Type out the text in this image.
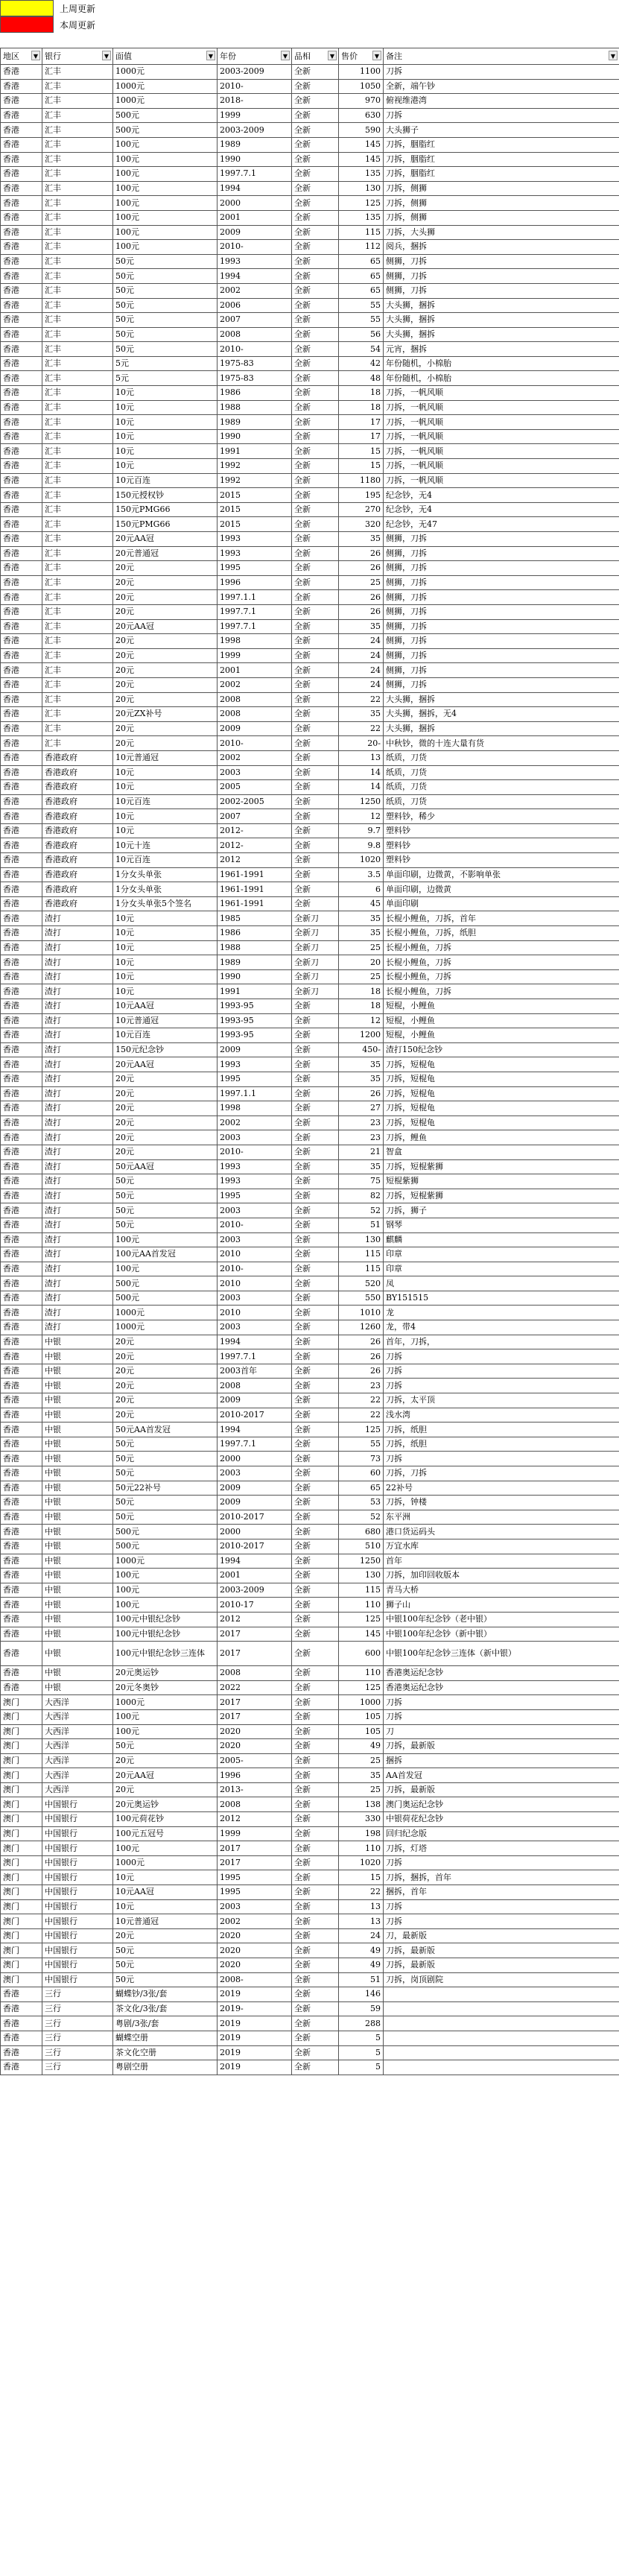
上周更新
本周更新
地区 ▼	银行 ▼	面值 ▼	年份 ▼	品相 ▼	售价 ▼	备注 ▼

香港	汇丰	1000元	2003-2009	全新	1100	刀拆
香港	汇丰	1000元	2010-	全新	1050	全新，端午钞
香港	汇丰	1000元	2018-	全新	970	俯视维港湾
香港	汇丰	500元	1999	全新	630	刀拆
香港	汇丰	500元	2003-2009	全新	590	大头狮子
香港	汇丰	100元	1989	全新	145	刀拆，胭脂红
香港	汇丰	100元	1990	全新	145	刀拆，胭脂红
香港	汇丰	100元	1997.7.1	全新	135	刀拆，胭脂红
香港	汇丰	100元	1994	全新	130	刀拆，侧狮
香港	汇丰	100元	2000	全新	125	刀拆，侧狮
香港	汇丰	100元	2001	全新	135	刀拆，侧狮
香港	汇丰	100元	2009	全新	115	刀拆，大头狮
香港	汇丰	100元	2010-	全新	112	阅兵，捆拆
香港	汇丰	50元	1993	全新	65	侧狮，刀拆
香港	汇丰	50元	1994	全新	65	侧狮，刀拆
香港	汇丰	50元	2002	全新	65	侧狮，刀拆
香港	汇丰	50元	2006	全新	55	大头狮，捆拆
香港	汇丰	50元	2007	全新	55	大头狮，捆拆
香港	汇丰	50元	2008	全新	56	大头狮，捆拆
香港	汇丰	50元	2010-	全新	54	元宵，捆拆
香港	汇丰	5元	1975-83	全新	42	年份随机，小棉胎
香港	汇丰	5元	1975-83	全新	48	年份随机，小棉胎
香港	汇丰	10元	1986	全新	18	刀拆，一帆风顺
香港	汇丰	10元	1988	全新	18	刀拆，一帆风顺
香港	汇丰	10元	1989	全新	17	刀拆，一帆风顺
香港	汇丰	10元	1990	全新	17	刀拆，一帆风顺
香港	汇丰	10元	1991	全新	15	刀拆，一帆风顺
香港	汇丰	10元	1992	全新	15	刀拆，一帆风顺
香港	汇丰	10元百连	1992	全新	1180	刀拆，一帆风顺
香港	汇丰	150元授权钞	2015	全新	195	纪念钞，无4
香港	汇丰	150元PMG66	2015	全新	270	纪念钞，无4
香港	汇丰	150元PMG66	2015	全新	320	纪念钞，无47
香港	汇丰	20元AA冠	1993	全新	35	侧狮，刀拆
香港	汇丰	20元普通冠	1993	全新	26	侧狮，刀拆
香港	汇丰	20元	1995	全新	26	侧狮，刀拆
香港	汇丰	20元	1996	全新	25	侧狮，刀拆
香港	汇丰	20元	1997.1.1	全新	26	侧狮，刀拆
香港	汇丰	20元	1997.7.1	全新	26	侧狮，刀拆
香港	汇丰	20元AA冠	1997.7.1	全新	35	侧狮，刀拆
香港	汇丰	20元	1998	全新	24	侧狮，刀拆
香港	汇丰	20元	1999	全新	24	侧狮，刀拆
香港	汇丰	20元	2001	全新	24	侧狮，刀拆
香港	汇丰	20元	2002	全新	24	侧狮，刀拆
香港	汇丰	20元	2008	全新	22	大头狮，捆拆
香港	汇丰	20元ZX补号	2008	全新	35	大头狮，捆拆，无4
香港	汇丰	20元	2009	全新	22	大头狮，捆拆
香港	汇丰	20元	2010-	全新	20-	中秋钞，微的十连大量有货
香港	香港政府	10元普通冠	2002	全新	13	纸质，刀货
香港	香港政府	10元	2003	全新	14	纸质，刀货
香港	香港政府	10元	2005	全新	14	纸质，刀货
香港	香港政府	10元百连	2002-2005	全新	1250	纸质，刀货
香港	香港政府	10元	2007	全新	12	塑料钞，稀少
香港	香港政府	10元	2012-	全新	9.7	塑料钞
香港	香港政府	10元十连	2012-	全新	9.8	塑料钞
香港	香港政府	10元百连	2012	全新	1020	塑料钞
香港	香港政府	1分女头单张	1961-1991	全新	3.5	单面印刷，边微黄，不影响单张
香港	香港政府	1分女头单张	1961-1991	全新	6	单面印刷，边微黄
香港	香港政府	1分女头单张5个签名	1961-1991	全新	45	单面印刷
香港	渣打	10元	1985	全新刀	35	长棍小鲤鱼，刀拆，首年
香港	渣打	10元	1986	全新刀	35	长棍小鲤鱼，刀拆，纸胆
香港	渣打	10元	1988	全新刀	25	长棍小鲤鱼，刀拆
香港	渣打	10元	1989	全新刀	20	长棍小鲤鱼，刀拆
香港	渣打	10元	1990	全新刀	25	长棍小鲤鱼，刀拆
香港	渣打	10元	1991	全新刀	18	长棍小鲤鱼，刀拆
香港	渣打	10元AA冠	1993-95	全新	18	短棍，小鲤鱼
香港	渣打	10元普通冠	1993-95	全新	12	短棍，小鲤鱼
香港	渣打	10元百连	1993-95	全新	1200	短棍，小鲤鱼
香港	渣打	150元纪念钞	2009	全新	450-	渣打150纪念钞
香港	渣打	20元AA冠	1993	全新	35	刀拆，短棍龟
香港	渣打	20元	1995	全新	35	刀拆，短棍龟
香港	渣打	20元	1997.1.1	全新	26	刀拆，短棍龟
香港	渣打	20元	1998	全新	27	刀拆，短棍龟
香港	渣打	20元	2002	全新	23	刀拆，短棍龟
香港	渣打	20元	2003	全新	23	刀拆，鲤鱼
香港	渣打	20元	2010-	全新	21	智盒
香港	渣打	50元AA冠	1993	全新	35	刀拆，短棍紫狮
香港	渣打	50元	1993	全新	75	短棍紫狮
香港	渣打	50元	1995	全新	82	刀拆，短棍紫狮
香港	渣打	50元	2003	全新	52	刀拆，狮子
香港	渣打	50元	2010-	全新	51	钢琴
香港	渣打	100元	2003	全新	130	麒麟
香港	渣打	100元AA首发冠	2010	全新	115	印章
香港	渣打	100元	2010-	全新	115	印章
香港	渣打	500元	2010	全新	520	凤
香港	渣打	500元	2003	全新	550	BY151515
香港	渣打	1000元	2010	全新	1010	龙
香港	渣打	1000元	2003	全新	1260	龙，带4
香港	中银	20元	1994	全新	26	首年，刀拆，
香港	中银	20元	1997.7.1	全新	26	刀拆
香港	中银	20元	2003首年	全新	26	刀拆
香港	中银	20元	2008	全新	23	刀拆
香港	中银	20元	2009	全新	22	刀拆，太平顶
香港	中银	20元	2010-2017	全新	22	浅水湾
香港	中银	50元AA首发冠	1994	全新	125	刀拆，纸胆
香港	中银	50元	1997.7.1	全新	55	刀拆，纸胆
香港	中银	50元	2000	全新	73	刀拆
香港	中银	50元	2003	全新	60	刀拆，刀拆
香港	中银	50元22补号	2009	全新	65	22补号
香港	中银	50元	2009	全新	53	刀拆，钟楼
香港	中银	50元	2010-2017	全新	52	东平洲
香港	中银	500元	2000	全新	680	港口货运码头
香港	中银	500元	2010-2017	全新	510	万宜水库
香港	中银	1000元	1994	全新	1250	首年
香港	中银	100元	2001	全新	130	刀拆，加印回收版本
香港	中银	100元	2003-2009	全新	115	青马大桥
香港	中银	100元	2010-17	全新	110	狮子山
香港	中银	100元中银纪念钞	2012	全新	125	中银100年纪念钞（老中银）
香港	中银	100元中银纪念钞	2017	全新	145	中银100年纪念钞（新中银）
香港	中银	100元中银纪念钞三连体	2017	全新	600	中银100年纪念钞三连体（新中银）
香港	中银	20元奥运钞	2008	全新	110	香港奥运纪念钞
香港	中银	20元冬奥钞	2022	全新	125	香港奥运纪念钞
澳门	大西洋	1000元	2017	全新	1000	刀拆
澳门	大西洋	100元	2017	全新	105	刀拆
澳门	大西洋	100元	2020	全新	105	刀
澳门	大西洋	50元	2020	全新	49	刀拆，最新版
澳门	大西洋	20元	2005-	全新	25	捆拆
澳门	大西洋	20元AA冠	1996	全新	35	AA首发冠
澳门	大西洋	20元	2013-	全新	25	刀拆，最新版
澳门	中国银行	20元奥运钞	2008	全新	138	澳门奥运纪念钞
澳门	中国银行	100元荷花钞	2012	全新	330	中银荷花纪念钞
澳门	中国银行	100元五冠号	1999	全新	198	回归纪念版
澳门	中国银行	100元	2017	全新	110	刀拆，灯塔
澳门	中国银行	1000元	2017	全新	1020	刀拆
澳门	中国银行	10元	1995	全新	15	刀拆，捆拆，首年
澳门	中国银行	10元AA冠	1995	全新	22	捆拆，首年
澳门	中国银行	10元	2003	全新	13	刀拆
澳门	中国银行	10元普通冠	2002	全新	13	刀拆
澳门	中国银行	20元	2020	全新	24	刀，最新版
澳门	中国银行	50元	2020	全新	49	刀拆，最新版
澳门	中国银行	50元	2020	全新	49	刀拆，最新版
澳门	中国银行	50元	2008-	全新	51	刀拆，岗顶剧院
香港	三行	蝴蝶钞/3张/套	2019	全新	146	
香港	三行	茶文化/3张/套	2019-	全新	59	
香港	三行	粤剧/3张/套	2019	全新	288	
香港	三行	蝴蝶空册	2019	全新	5	
香港	三行	茶文化空册	2019	全新	5	
香港	三行	粤剧空册	2019	全新	5	
